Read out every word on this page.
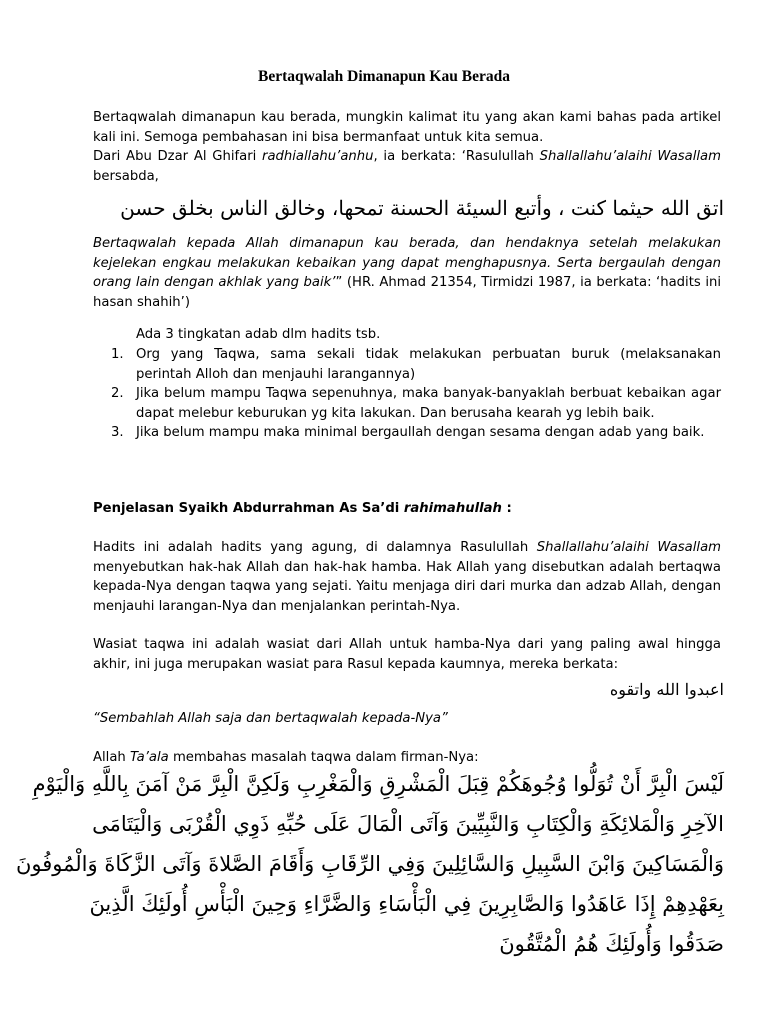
Bertaqwalah Dimanapun Kau Berada

Bertaqwalah dimanapun kau berada, mungkin kalimat itu yang akan kami bahas pada artikel kali ini. Semoga pembahasan ini bisa bermanfaat untuk kita semua.

Dari Abu Dzar Al Ghifari radhiallahu’anhu, ia berkata: ‘Rasulullah Shallallahu’alaihi Wasallam bersabda,

اتق الله حيثما كنت ، وأتبع السيئة الحسنة تمحها، وخالق الناس بخلق حسن

Bertaqwalah kepada Allah dimanapun kau berada, dan hendaknya setelah melakukan kejelekan engkau melakukan kebaikan yang dapat menghapusnya. Serta bergaulah dengan orang lain dengan akhlak yang baik’” (HR. Ahmad 21354, Tirmidzi 1987, ia berkata: ‘hadits ini hasan shahih’)

Ada 3 tingkatan adab dlm hadits tsb.

1. Org yang Taqwa, sama sekali tidak melakukan perbuatan buruk (melaksanakan perintah Alloh dan menjauhi larangannya)

2. Jika belum mampu Taqwa sepenuhnya, maka banyak-banyaklah berbuat kebaikan agar dapat melebur keburukan yg kita lakukan. Dan berusaha kearah yg lebih baik.

3. Jika belum mampu maka minimal bergaullah dengan sesama dengan adab yang baik.

Penjelasan Syaikh Abdurrahman As Sa’di rahimahullah :

Hadits ini adalah hadits yang agung, di dalamnya Rasulullah Shallallahu’alaihi Wasallam menyebutkan hak-hak Allah dan hak-hak hamba. Hak Allah yang disebutkan adalah bertaqwa kepada-Nya dengan taqwa yang sejati. Yaitu menjaga diri dari murka dan adzab Allah, dengan menjauhi larangan-Nya dan menjalankan perintah-Nya.

Wasiat taqwa ini adalah wasiat dari Allah untuk hamba-Nya dari yang paling awal hingga akhir, ini juga merupakan wasiat para Rasul kepada kaumnya, mereka berkata:

اعبدوا الله واتقوه

“Sembahlah Allah saja dan bertaqwalah kepada-Nya”

Allah Ta’ala membahas masalah taqwa dalam firman-Nya:

لَيْسَ الْبِرَّ أَنْ تُوَلُّوا وُجُوهَكُمْ قِبَلَ الْمَشْرِقِ وَالْمَغْرِبِ وَلَكِنَّ الْبِرَّ مَنْ آمَنَ بِاللَّهِ وَالْيَوْمِ
الآخِرِ وَالْمَلائِكَةِ وَالْكِتَابِ وَالنَّبِيِّينَ وَآتَى الْمَالَ عَلَى حُبِّهِ ذَوِي الْقُرْبَى وَالْيَتَامَى
وَالْمَسَاكِينَ وَابْنَ السَّبِيلِ وَالسَّائِلِينَ وَفِي الرِّقَابِ وَأَقَامَ الصَّلاةَ وَآتَى الزَّكَاةَ وَالْمُوفُونَ
بِعَهْدِهِمْ إِذَا عَاهَدُوا وَالصَّابِرِينَ فِي الْبَأْسَاءِ وَالضَّرَّاءِ وَحِينَ الْبَأْسِ أُولَئِكَ الَّذِينَ
صَدَقُوا وَأُولَئِكَ هُمُ الْمُتَّقُونَ
